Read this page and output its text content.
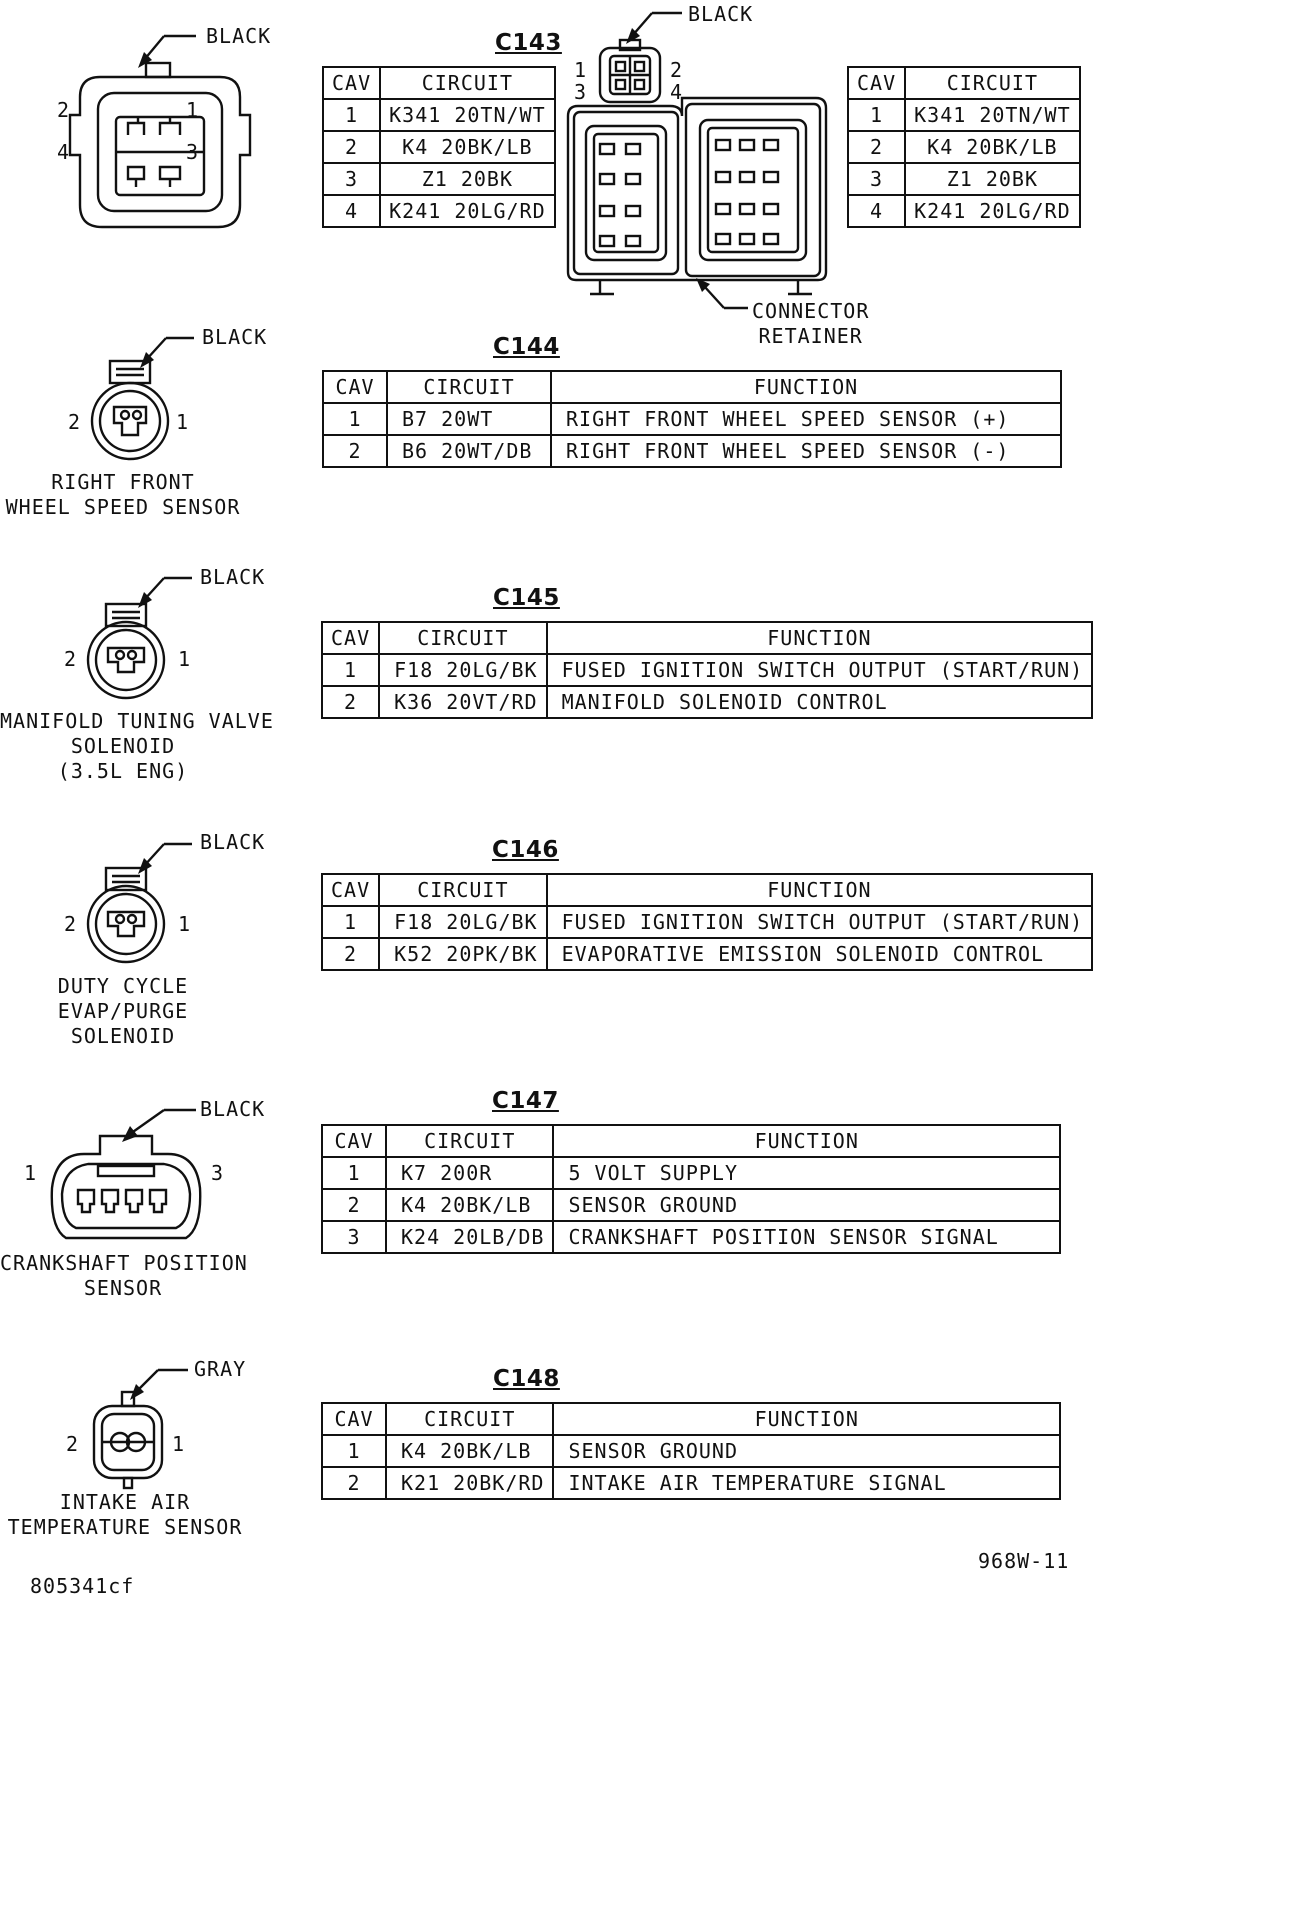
BLACK
2	1
4	3
C143
CAV	CIRCUIT
1	K341 20TN/WT
2	K4 20BK/LB
3	Z1 20BK
4	K241 20LG/RD
BLACK
1	2
3	4
CONNECTOR
RETAINER
CAV	CIRCUIT
1	K341 20TN/WT
2	K4 20BK/LB
3	Z1 20BK
4	K241 20LG/RD
BLACK
2	1
RIGHT FRONT
WHEEL SPEED SENSOR
C144
CAV	CIRCUIT	FUNCTION
1	B7 20WT	RIGHT FRONT WHEEL SPEED SENSOR (+)
2	B6 20WT/DB	RIGHT FRONT WHEEL SPEED SENSOR (-)
BLACK
2	1
MANIFOLD TUNING VALVE
SOLENOID
(3.5L ENG)
C145
CAV	CIRCUIT	FUNCTION
1	F18 20LG/BK	FUSED IGNITION SWITCH OUTPUT (START/RUN)
2	K36 20VT/RD	MANIFOLD SOLENOID CONTROL
BLACK
2	1
DUTY CYCLE
EVAP/PURGE
SOLENOID
C146
CAV	CIRCUIT	FUNCTION
1	F18 20LG/BK	FUSED IGNITION SWITCH OUTPUT (START/RUN)
2	K52 20PK/BK	EVAPORATIVE EMISSION SOLENOID CONTROL
BLACK
1	3
CRANKSHAFT POSITION
SENSOR
C147
CAV	CIRCUIT	FUNCTION
1	K7 200R	5 VOLT SUPPLY
2	K4 20BK/LB	SENSOR GROUND
3	K24 20LB/DB	CRANKSHAFT POSITION SENSOR SIGNAL
GRAY
2	1
INTAKE AIR
TEMPERATURE SENSOR
C148
CAV	CIRCUIT	FUNCTION
1	K4 20BK/LB	SENSOR GROUND
2	K21 20BK/RD	INTAKE AIR TEMPERATURE SIGNAL
968W-11
805341cf
